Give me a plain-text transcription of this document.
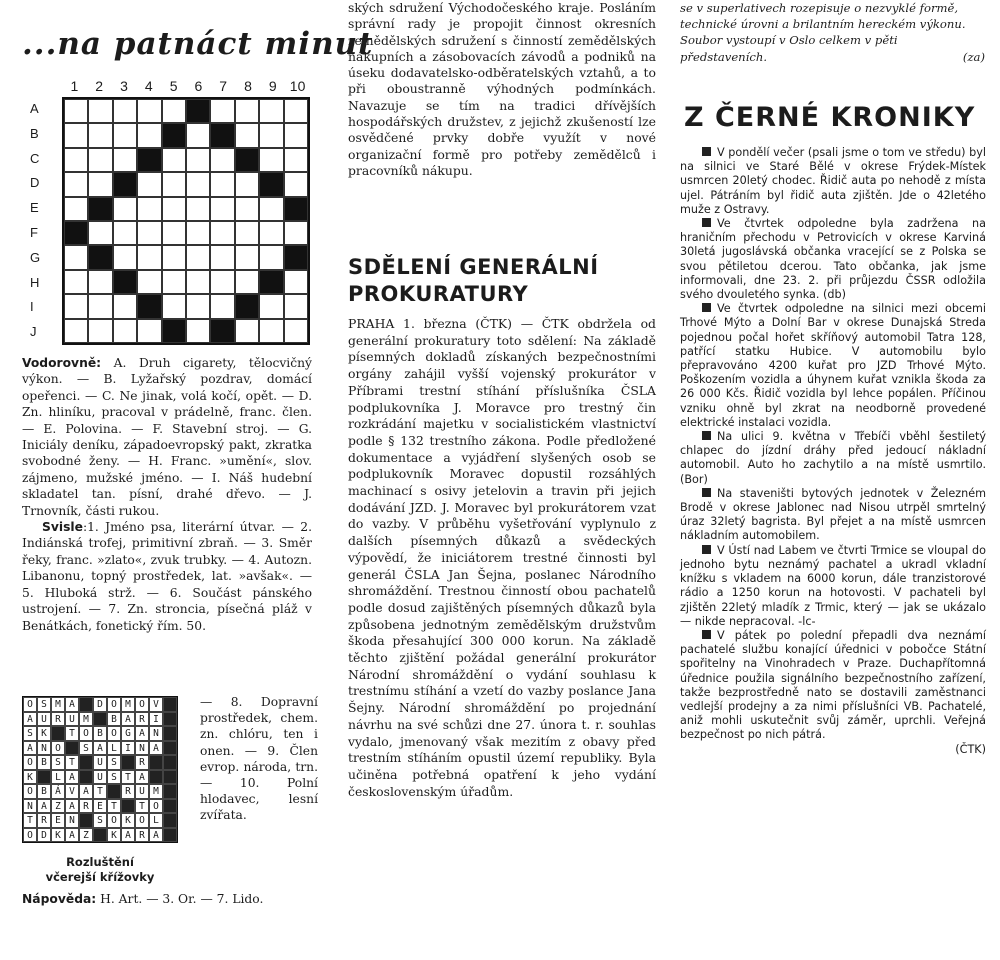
...na patnáct minut
1	2	3	4	5	6	7	8	9 10
A
B
C
D
E
F
G
H
I
J
Vodorovně: A. Druh cigarety, tělocvičný výkon. — B. Lyžařský pozdrav, domácí opeřenci. — C. Ne jinak, volá kočí, opět. — D. Zn. hliníku, pracoval v prádelně, franc. člen. — E. Polovina. — F. Stavební stroj. — G. Iniciály deníku, západoevropský pakt, zkratka svobodné ženy. — H. Franc. »umění«, slov. zájmeno, mužské jméno. — I. Náš hudební skladatel tan. písní, drahé dřevo. — J. Trnovník, části rukou.
Svisle:1. Jméno psa, literární útvar. — 2. Indiánská trofej, primitivní zbraň. — 3. Směr řeky, franc. »zlato«, zvuk trubky. — 4. Autozn. Libanonu, topný prostředek, lat. »avšak«. — 5. Hluboká strž. — 6. Součást pánského ustrojení. — 7. Zn. stroncia, písečná pláž v Benátkách, fonetický řím. 50.
O S M A	D O M O V
A U R U M	B A R I
S K	T O B O G A N
A N O	S A L I N A
O B S T	U S	R
K	L A	U S T A
O B Á V A T	R U M
N A Z A R E T	T O
T R E N	S O K O L
O D K A Z	K A R A
— 8. Dopravní prostředek, chem. zn. chlóru, ten i onen. — 9. Člen evrop. národa, trn. — 10. Polní hlodavec, lesní zvířata.
Rozluštění
včerejší křížovky
Nápověda: H. Art. — 3. Or. — 7. Lido.
ských sdružení Východočeského kraje. Posláním správní rady je propojit činnost okresních zemědělských sdružení s činností zemědělských nákupních a zásobovacích závodů a podniků na úseku dodavatelsko-odběratelských vztahů, a to při oboustranně výhodných podmínkách. Navazuje se tím na tradici dřívějších hospodářských družstev, z jejichž zkušeností lze osvědčené prvky dobře využít v nové organizační formě pro potřeby zemědělců i pracovníků nákupu.
SDĚLENÍ GENERÁLNÍ PROKURATURY
PRAHA 1. března (ČTK) — ČTK obdržela od generální prokuratury toto sdělení: Na základě písemných dokladů získaných bezpečnostními orgány zahájil vyšší vojenský prokurátor v Příbrami trestní stíhání příslušníka ČSLA podplukovníka J. Moravce pro trestný čin rozkrádání majetku v socialistickém vlastnictví podle § 132 trestního zákona. Podle předložené dokumentace a vyjádření slyšených osob se podplukovník Moravec dopustil rozsáhlých machinací s osivy jetelovin a travin při jejich dodávání JZD. J. Moravec byl prokurátorem vzat do vazby. V průběhu vyšetřování vyplynulo z dalších písemných důkazů a svědeckých výpovědí, že iniciátorem trestné činnosti byl generál ČSLA Jan Šejna, poslanec Národního shromáždění. Trestnou činností obou pachatelů podle dosud zajištěných písemných důkazů byla způsobena jednotným zemědělským družstvům škoda přesahující 300 000 korun. Na základě těchto zjištění požádal generální prokurátor Národní shromáždění o vydání souhlasu k trestnímu stíhání a vzetí do vazby poslance Jana Šejny. Národní shromáždění po projednání návrhu na své schůzi dne 27. února t. r. souhlas vydalo, jmenovaný však mezitím z obavy před trestním stíháním opustil území republiky. Byla učiněna potřebná opatření k jeho vydání československým úřadům.
se v superlativech rozepisuje o nezvyklé formě, technické úrovni a brilantním hereckém výkonu. Soubor vystoupí v Oslo celkem v pěti představeních.	(za)
Z ČERNÉ KRONIKY

V pondělí večer (psali jsme o tom ve středu) byl na silnici ve Staré Bělé v okrese Frýdek-Místek usmrcen 20letý chodec. Řidič auta po nehodě z místa ujel. Pátráním byl řidič auta zjištěn. Jde o 42letého muže z Ostravy.

Ve čtvrtek odpoledne byla zadržena na hraničním přechodu v Petrovicích v okrese Karviná 30letá jugoslávská občanka vracející se z Polska se svou pětiletou dcerou. Tato občanka, jak jsme informovali, dne 23. 2. při průjezdu ČSSR odložila svého dvouletého synka. (db)

Ve čtvrtek odpoledne na silnici mezi obcemi Trhové Mýto a Dolní Bar v okrese Dunajská Streda pojednou počal hořet skříňový automobil Tatra 128, patřící statku Hubice. V automobilu bylo přepravováno 4200 kuřat pro JZD Trhové Mýto. Poškozením vozidla a úhynem kuřat vznikla škoda za 26 000 Kčs. Řidič vozidla byl lehce popálen. Příčinou vzniku ohně byl zkrat na neodborně provedené elektrické instalaci vozidla.

Na ulici 9. května v Třebíči vběhl šestiletý chlapec do jízdní dráhy před jedoucí nákladní automobil. Auto ho zachytilo a na místě usmrtilo. (Bor)

Na staveništi bytových jednotek v Železném Brodě v okrese Jablonec nad Nisou utrpěl smrtelný úraz 32letý bagrista. Byl přejet a na místě usmrcen nákladním automobilem.

V Ústí nad Labem ve čtvrti Trmice se vloupal do jednoho bytu neznámý pachatel a ukradl vkladní knížku s vkladem na 6000 korun, dále tranzistorové rádio a 1250 korun na hotovosti. V pachateli byl zjištěn 22letý mladík z Trmic, který — jak se ukázalo — nikde nepracoval. -lc-

V pátek po polední přepadli dva neznámí pachatelé službu konající úřednici v pobočce Státní spořitelny na Vinohradech v Praze. Duchapřítomná úřednice použila signálního bezpečnostního zařízení, takže bezprostředně nato se dostavili zaměstnanci vedlejší prodejny a za nimi příslušníci VB. Pachatelé, aniž mohli uskutečnit svůj záměr, uprchli. Veřejná bezpečnost po nich pátrá.

(ČTK)
